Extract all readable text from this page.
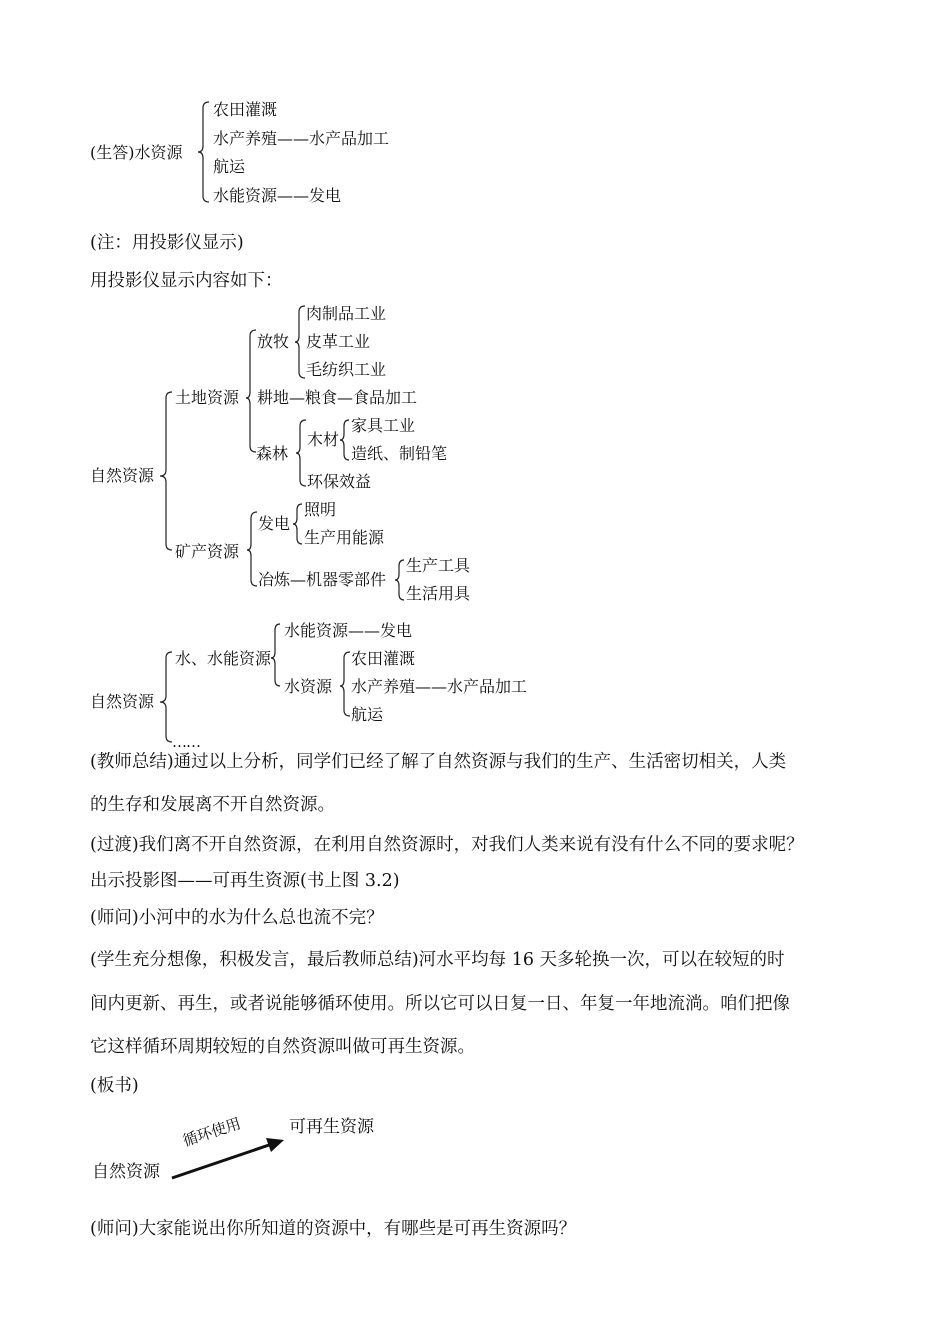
(生答)水资源
农田灌溉
水产养殖——水产品加工
航运
水能资源——发电
(注：用投影仪显示)
用投影仪显示内容如下：
自然资源
土地资源
放牧
肉制品工业
皮革工业
毛纺织工业
耕地—粮食—食品加工
森林
木材
家具工业
造纸、制铅笔
环保效益
矿产资源
发电
照明
生产用能源
冶炼—机器零部件
生产工具
生活用具
自然资源
水、水能资源
水能资源——发电
水资源
农田灌溉
水产养殖——水产品加工
航运
……
(教师总结)通过以上分析，同学们已经了解了自然资源与我们的生产、生活密切相关，人类
的生存和发展离不开自然资源。
(过渡)我们离不开自然资源，在利用自然资源时，对我们人类来说有没有什么不同的要求呢？
出示投影图——可再生资源(书上图 3.2)
(师问)小河中的水为什么总也流不完？
(学生充分想像，积极发言，最后教师总结)河水平均每 16 天多轮换一次，可以在较短的时
间内更新、再生，或者说能够循环使用。所以它可以日复一日、年复一年地流淌。咱们把像
它这样循环周期较短的自然资源叫做可再生资源。
(板书)
自然资源
可再生资源
循环使用
(师问)大家能说出你所知道的资源中，有哪些是可再生资源吗？
